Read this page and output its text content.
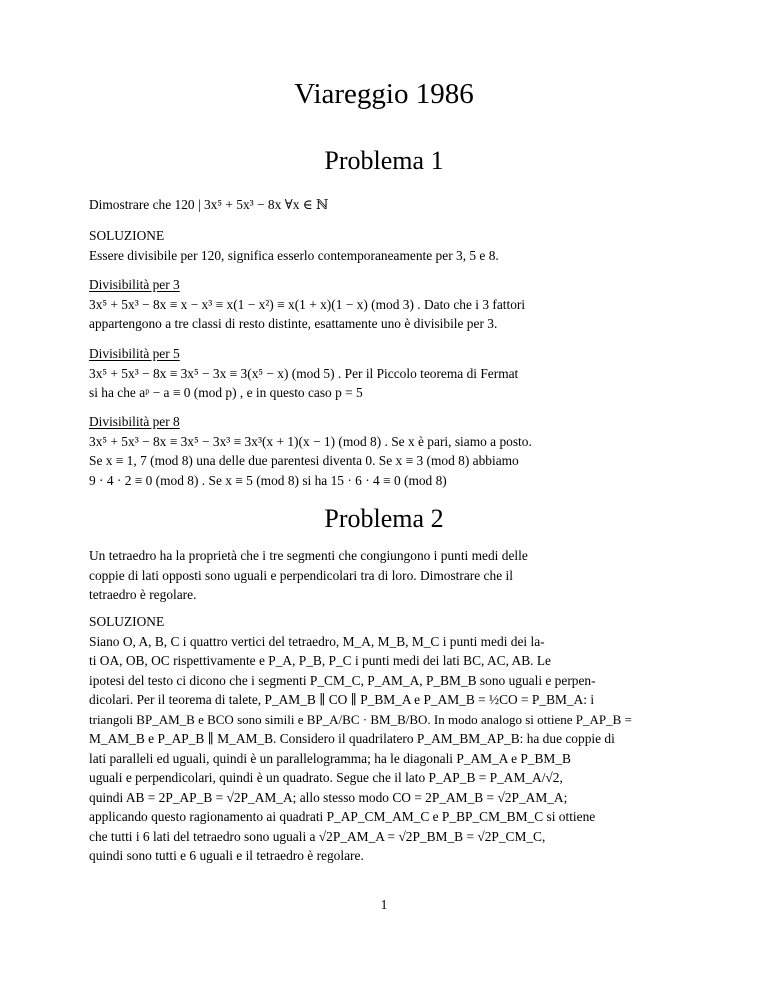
Viareggio 1986
Problema 1
Dimostrare che 120 | 3x⁵ + 5x³ − 8x ∀x ∈ ℕ
SOLUZIONE
Essere divisibile per 120, significa esserlo contemporaneamente per 3, 5 e 8.
Divisibilità per 3
3x⁵ + 5x³ − 8x ≡ x − x³ ≡ x(1 − x²) ≡ x(1 + x)(1 − x) (mod 3) . Dato che i 3 fattori
appartengono a tre classi di resto distinte, esattamente uno è divisibile per 3.
Divisibilità per 5
3x⁵ + 5x³ − 8x ≡ 3x⁵ − 3x ≡ 3(x⁵ − x) (mod 5) . Per il Piccolo teorema di Fermat
si ha che aᵖ − a ≡ 0 (mod p) , e in questo caso p = 5
Divisibilità per 8
3x⁵ + 5x³ − 8x ≡ 3x⁵ − 3x³ ≡ 3x³(x + 1)(x − 1) (mod 8) . Se x è pari, siamo a posto.
Se x ≡ 1, 7 (mod 8) una delle due parentesi diventa 0. Se x ≡ 3 (mod 8) abbiamo
9 · 4 · 2 ≡ 0 (mod 8) . Se x ≡ 5 (mod 8) si ha 15 · 6 · 4 ≡ 0 (mod 8)
Problema 2
Un tetraedro ha la proprietà che i tre segmenti che congiungono i punti medi delle
coppie di lati opposti sono uguali e perpendicolari tra di loro. Dimostrare che il
tetraedro è regolare.
SOLUZIONE
Siano O, A, B, C i quattro vertici del tetraedro, M_A, M_B, M_C i punti medi dei la-
ti OA, OB, OC rispettivamente e P_A, P_B, P_C i punti medi dei lati BC, AC, AB. Le
ipotesi del testo ci dicono che i segmenti P_CM_C, P_AM_A, P_BM_B sono uguali e perpen-
dicolari. Per il teorema di talete, P_AM_B ∥ CO ∥ P_BM_A e P_AM_B = ½CO = P_BM_A: i
triangoli BP_AM_B e BCO sono simili e BP_A/BC · BM_B/BO. In modo analogo si ottiene P_AP_B =
M_AM_B e P_AP_B ∥ M_AM_B. Considero il quadrilatero P_AM_BM_AP_B: ha due coppie di
lati paralleli ed uguali, quindi è un parallelogramma; ha le diagonali P_AM_A e P_BM_B
uguali e perpendicolari, quindi è un quadrato. Segue che il lato P_AP_B = P_AM_A/√2,
quindi AB = 2P_AP_B = √2P_AM_A; allo stesso modo CO = 2P_AM_B = √2P_AM_A;
applicando questo ragionamento ai quadrati P_AP_CM_AM_C e P_BP_CM_BM_C si ottiene
che tutti i 6 lati del tetraedro sono uguali a √2P_AM_A = √2P_BM_B = √2P_CM_C,
quindi sono tutti e 6 uguali e il tetraedro è regolare.
1
